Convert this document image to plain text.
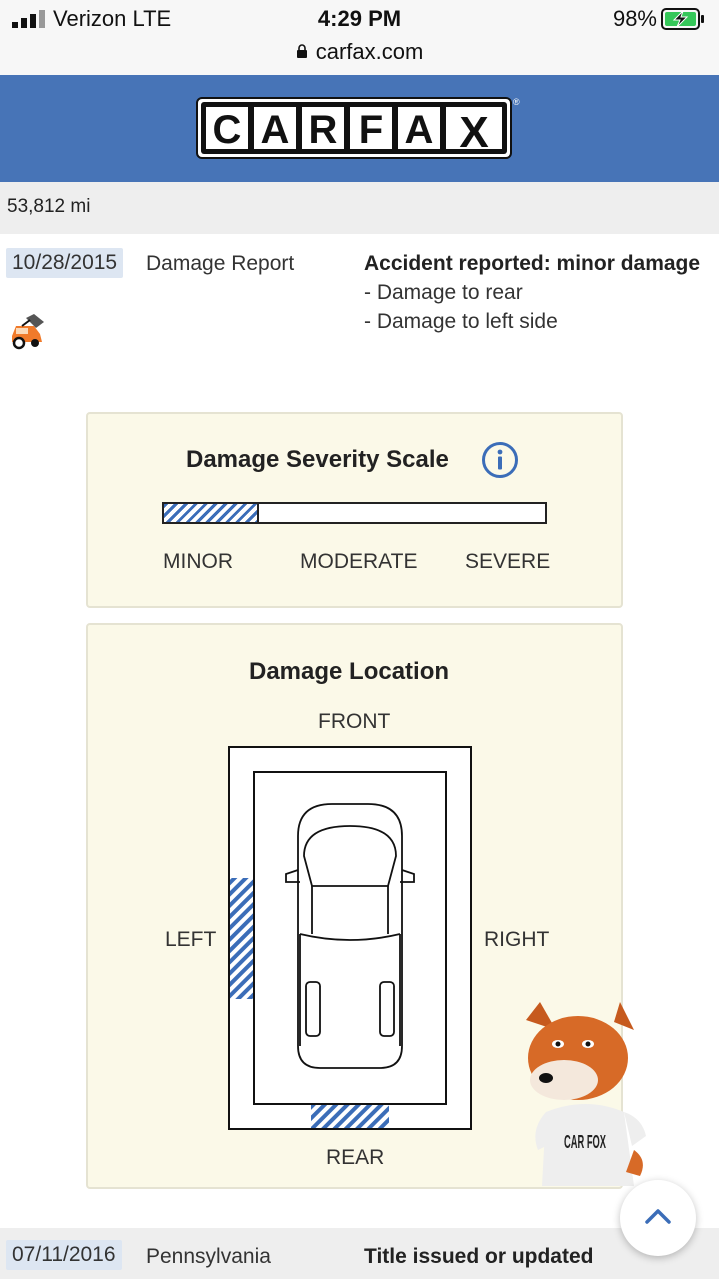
Verizon LTE	4:29 PM	98%
carfax.com
C A R F A X
®
53,812 mi
10/28/2015 Damage Report	Accident reported: minor damage
- Damage to rear
- Damage to left side
Damage Severity Scale
MINOR	MODERATE SEVERE
Damage Location
FRONT
LEFT	RIGHT
REAR
CAR FOX
07/11/2016 Pennsylvania	Title issued or updated
